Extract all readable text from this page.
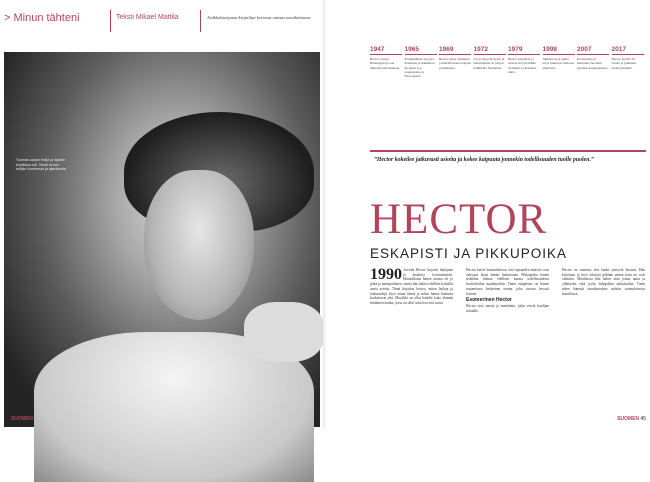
> Minun tähteni	Teksti Mikael Mattila	Artikkelisarjassa kirjailijat kertovat omista suosikeistaan.
Tuomas-sarjan tekijä ja lapsille kirjoittava isä. Teksti kertoo tekijän luonteesta ja ajatuksista.
44 SUOMEN
1947
Hector syntyy Helsingissä ja saa nimensä isän mukaan.
1965
Ensimmäinen levytys. Koulutus ja muusikon tie alkaa Los Angelesissa ja Euroopassa.
1969
Hector palaa Suomeen ja kiertää maata laajasti soittamassa.
1972
Levyt myyvät hyvin ja esiintymisiä on paljon kaikkialla Suomessa.
1979
Hector kirjoittaa ja tuottaa levyjä muille artisteille ja kokeilee uutta.
1998
Juhlavuosi ja uudet levyt kuuluvat radiossa ahkerasti.
2007
Konsertteja ja kiertueita Suomen suurissa kaupungeissa.
2017
Hector täyttää 70 vuotta ja julkaisee uuden albumin.
”Hector kokeilee jatkuvasti asioita ja kokee kaipuuta jonnekin todellisuuden tuolle puolen.”
HECTOR
ESKAPISTI JA PIKKUPOIKA
1990 -luvulla Hector kirjoitti laulujaan ja keskittyi levyttämiseen. Muusikkona hänen uransa oli jo pitkä ja monipuolinen, mutta hän halusi edelleen kokeilla uusia asioita. Tämä kirjoitus kertoo, miten laulaja ja lauluntekijä löysi oman tiensä ja miksi hänen laulunsa koskettavat yhä. Musiikki on ollut hänelle koko elämän mittainen matka, jossa on ollut sekä iloa että surua.
Hector kertoi haastattelussa, että lapsuuden muistot ovat vahvasti läsnä hänen lauluissaan. Pikkupoika hänen sisällään haluaa edelleen karata todellisuudesta kuviteltuihin maailmoihin. Tämä eskapismi on hänen tuotantonsa keskeinen teema, joka toistuu levystä toiseen.
Esoteerinen Hector
Hector etsii sanoja ja tunnelmia, jotka vievät kuulijan toisaalle.
Hector on sanonut, että laulut syntyvät hitaasti. Hän kirjoittaa ja hioo tekstejä pitkään ennen kuin ne ovat valmiita. Musiikissa hän hakee aina jotain uutta ja yllättävää, eikä tyydy helppoihin ratkaisuihin. Tämä tekee hänestä ainutlaatuisen artistin suomalaisessa musiikissa.
SUOMEN 45
